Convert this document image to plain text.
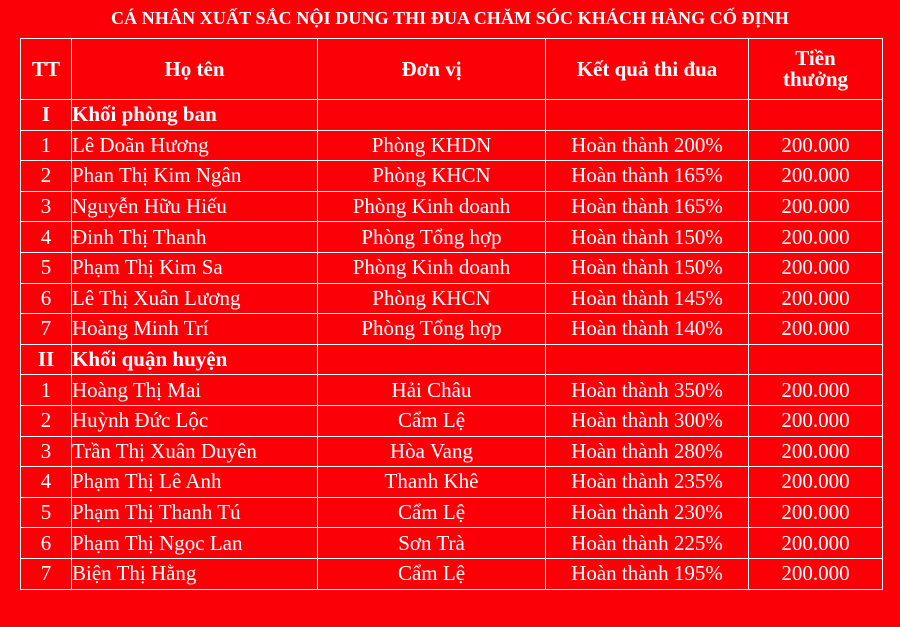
CÁ NHÂN XUẤT SẮC NỘI DUNG THI ĐUA CHĂM SÓC KHÁCH HÀNG CỐ ĐỊNH
TT	Họ tên	Đơn vị	Kết quả thi đua	Tiền
thưởng
I	Khối phòng ban			
1	Lê Doãn Hương	Phòng KHDN	Hoàn thành 200%	200.000
2	Phan Thị Kim Ngân	Phòng KHCN	Hoàn thành 165%	200.000
3	Nguyễn Hữu Hiếu	Phòng Kinh doanh	Hoàn thành 165%	200.000
4	Đinh Thị Thanh	Phòng Tổng hợp	Hoàn thành 150%	200.000
5	Phạm Thị Kim Sa	Phòng Kinh doanh	Hoàn thành 150%	200.000
6	Lê Thị Xuân Lương	Phòng KHCN	Hoàn thành 145%	200.000
7	Hoàng Minh Trí	Phòng Tổng hợp	Hoàn thành 140%	200.000
II	Khối quận huyện			
1	Hoàng Thị Mai	Hải Châu	Hoàn thành 350%	200.000
2	Huỳnh Đức Lộc	Cẩm Lệ	Hoàn thành 300%	200.000
3	Trần Thị Xuân Duyên	Hòa Vang	Hoàn thành 280%	200.000
4	Phạm Thị Lê Anh	Thanh Khê	Hoàn thành 235%	200.000
5	Phạm Thị Thanh Tú	Cẩm Lệ	Hoàn thành 230%	200.000
6	Phạm Thị Ngọc Lan	Sơn Trà	Hoàn thành 225%	200.000
7	Biện Thị Hằng	Cẩm Lệ	Hoàn thành 195%	200.000
